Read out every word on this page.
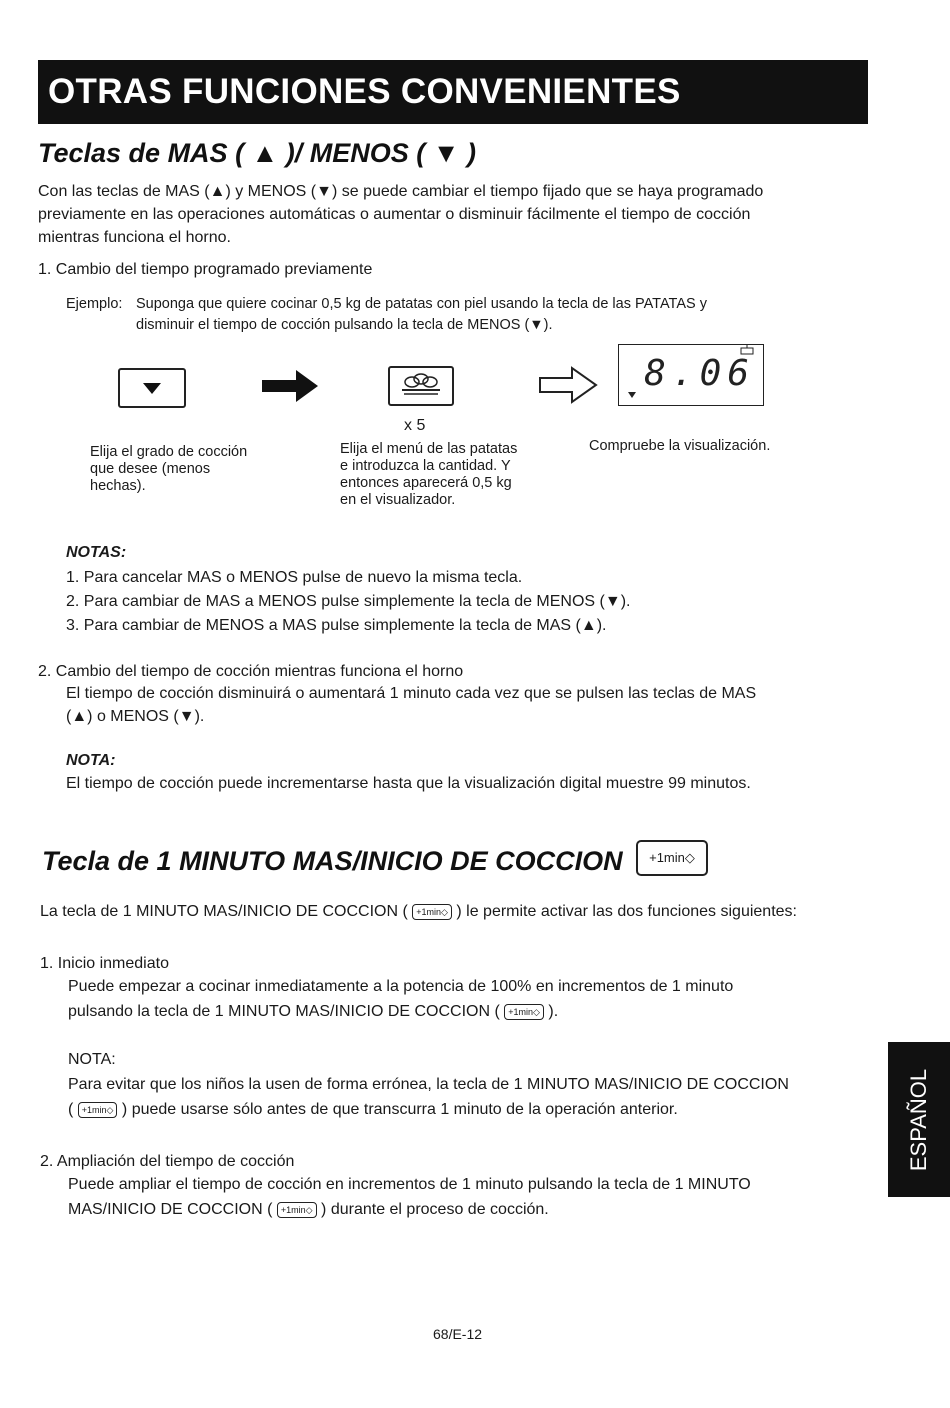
OTRAS FUNCIONES CONVENIENTES
Teclas de MAS ( ▲ )/ MENOS ( ▼ )
Con las teclas de MAS (▲) y MENOS (▼) se puede cambiar el tiempo fijado que se haya programado
previamente en las operaciones automáticas o aumentar o disminuir fácilmente el tiempo de cocción
mientras funciona el horno.
1. Cambio del tiempo programado previamente
Ejemplo: Suponga que quiere cocinar 0,5 kg de patatas con piel usando la tecla de las PATATAS y
disminuir el tiempo de cocción pulsando la tecla de MENOS (▼).
x 5
8.06
Elija el grado de cocción
que desee (menos
hechas).
Elija el menú de las patatas
e introduzca la cantidad. Y
entonces aparecerá 0,5 kg
en el visualizador.
Compruebe la visualización.
NOTAS:
1. Para cancelar MAS o MENOS pulse de nuevo la misma tecla.
2. Para cambiar de MAS a MENOS pulse simplemente la tecla de MENOS (▼).
3. Para cambiar de MENOS a MAS pulse simplemente la tecla de MAS (▲).
2. Cambio del tiempo de cocción mientras funciona el horno
El tiempo de cocción disminuirá o aumentará 1 minuto cada vez que se pulsen las teclas de MAS
(▲) o MENOS (▼).
NOTA:
El tiempo de cocción puede incrementarse hasta que la visualización digital muestre 99 minutos.
Tecla de 1 MINUTO MAS/INICIO DE COCCION	+1min◇
La tecla de 1 MINUTO MAS/INICIO DE COCCION ( +1min◇ ) le permite activar las dos funciones siguientes:
1. Inicio inmediato
Puede empezar a cocinar inmediatamente a la potencia de 100% en incrementos de 1 minuto
pulsando la tecla de 1 MINUTO MAS/INICIO DE COCCION ( +1min◇ ).
NOTA:
Para evitar que los niños la usen de forma errónea, la tecla de 1 MINUTO MAS/INICIO DE COCCION
( +1min◇ ) puede usarse sólo antes de que transcurra 1 minuto de la operación anterior.
2. Ampliación del tiempo de cocción
Puede ampliar el tiempo de cocción en incrementos de 1 minuto pulsando la tecla de 1 MINUTO
MAS/INICIO DE COCCION ( +1min◇ ) durante el proceso de cocción.
ESPAÑOL
68/E-12
